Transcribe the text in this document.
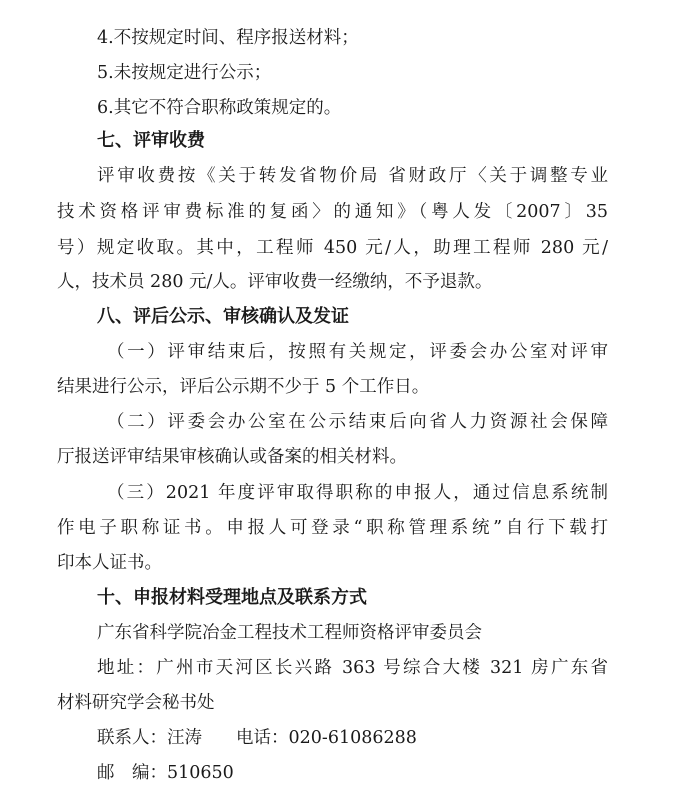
4.不按规定时间、程序报送材料；
5.未按规定进行公示；
6.其它不符合职称政策规定的。
七、评审收费
评审收费按《关于转发省物价局 省财政厅〈关于调整专业
技术资格评审费标准的复函〉的通知》（粤人发〔2007〕35
号）规定收取。其中，工程师 450 元/人，助理工程师 280 元/
人，技术员 280 元/人。评审收费一经缴纳，不予退款。
八、评后公示、审核确认及发证
（一）评审结束后，按照有关规定，评委会办公室对评审
结果进行公示，评后公示期不少于 5 个工作日。
（二）评委会办公室在公示结束后向省人力资源社会保障
厅报送评审结果审核确认或备案的相关材料。
（三）2021 年度评审取得职称的申报人，通过信息系统制
作电子职称证书。申报人可登录“职称管理系统”自行下载打
印本人证书。
十、申报材料受理地点及联系方式
广东省科学院冶金工程技术工程师资格评审委员会
地址：广州市天河区长兴路 363 号综合大楼 321 房广东省
材料研究学会秘书处
联系人：汪涛 电话：020-61086288
邮　编：510650
